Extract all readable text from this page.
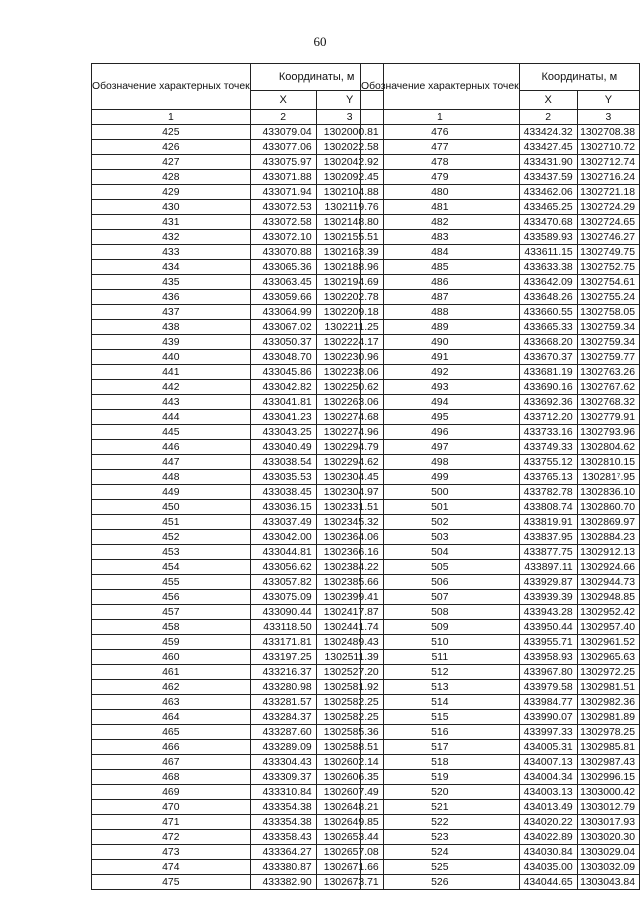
60
Обозначение характерных точек	Координаты, м	
	X	Y
1	2	3
425	433079.04	1302000.81
426	433077.06	1302022.58
427	433075.97	1302042.92
428	433071.88	1302092.45
429	433071.94	1302104.88
430	433072.53	1302119.76
431	433072.58	1302148.80
432	433072.10	1302155.51
433	433070.88	1302163.39
434	433065.36	1302188.96
435	433063.45	1302194.69
436	433059.66	1302202.78
437	433064.99	1302209.18
438	433067.02	1302211.25
439	433050.37	1302224.17
440	433048.70	1302230.96
441	433045.86	1302238.06
442	433042.82	1302250.62
443	433041.81	1302263.06
444	433041.23	1302274.68
445	433043.25	1302274.96
446	433040.49	1302294.79
447	433038.54	1302294.62
448	433035.53	1302304.45
449	433038.45	1302304.97
450	433036.15	1302331.51
451	433037.49	1302345.32
452	433042.00	1302364.06
453	433044.81	1302366.16
454	433056.62	1302384.22
455	433057.82	1302385.66
456	433075.09	1302399.41
457	433090.44	1302417.87
458	433118.50	1302441.74
459	433171.81	1302489.43
460	433197.25	1302511.39
461	433216.37	1302527.20
462	433280.98	1302581.92
463	433281.57	1302582.25
464	433284.37	1302582.25
465	433287.60	1302585.36
466	433289.09	1302588.51
467	433304.43	1302602.14
468	433309.37	1302606.35
469	433310.84	1302607.49
470	433354.38	1302648.21
471	433354.38	1302649.85
472	433358.43	1302653.44
473	433364.27	1302657.08
474	433380.87	1302671.66
475	433382.90	1302673.71
Обозначение характерных точек	Координаты, м	
	X	Y
1	2	3
476	433424.32	1302708.38
477	433427.45	1302710.72
478	433431.90	1302712.74
479	433437.59	1302716.24
480	433462.06	1302721.18
481	433465.25	1302724.29
482	433470.68	1302724.65
483	433589.93	1302746.27
484	433611.15	1302749.75
485	433633.38	1302752.75
486	433642.09	1302754.61
487	433648.26	1302755.24
488	433660.55	1302758.05
489	433665.33	1302759.34
490	433668.20	1302759.34
491	433670.37	1302759.77
492	433681.19	1302763.26
493	433690.16	1302767.62
494	433692.36	1302768.32
495	433712.20	1302779.91
496	433733.16	1302793.96
497	433749.33	1302804.62
498	433755.12	1302810.15
499	433765.13	130281⁷.95
500	433782.78	1302836.10
501	433808.74	1302860.70
502	433819.91	1302869.97
503	433837.95	1302884.23
504	433877.75	1302912.13
505	433897.11	1302924.66
506	433929.87	1302944.73
507	433939.39	1302948.85
508	433943.28	1302952.42
509	433950.44	1302957.40
510	433955.71	1302961.52
511	433958.93	1302965.63
512	433967.80	1302972.25
513	433979.58	1302981.51
514	433984.77	1302982.36
515	433990.07	1302981.89
516	433997.33	1302978.25
517	434005.31	1302985.81
518	434007.13	1302987.43
519	434004.34	1302996.15
520	434003.13	1303000.42
521	434013.49	1303012.79
522	434020.22	1303017.93
523	434022.89	1303020.30
524	434030.84	1303029.04
525	434035.00	1303032.09
526	434044.65	1303043.84
